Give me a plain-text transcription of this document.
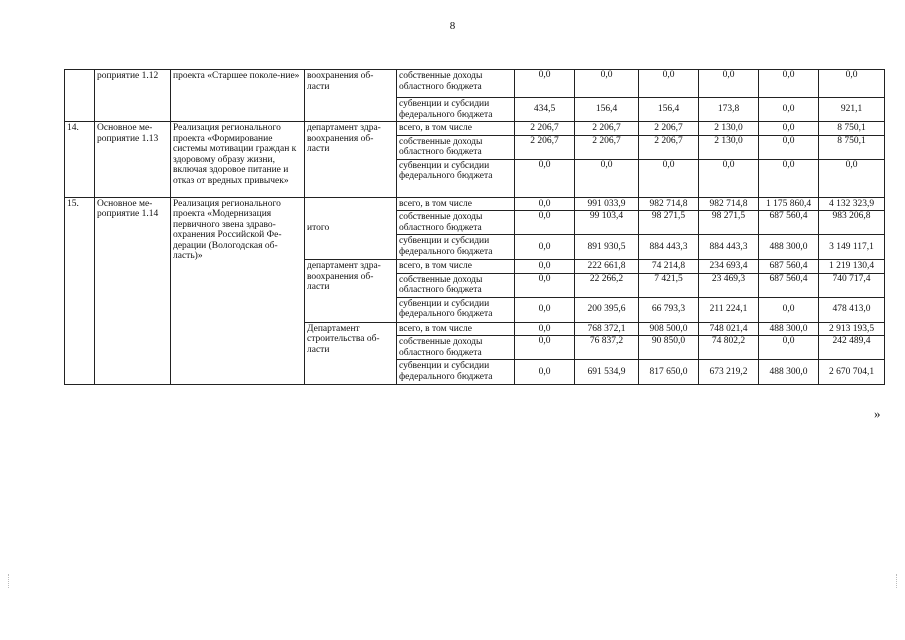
8
	роприятие 1.12	проекта «Старшее поколе-ние»	воохранения об-ласти	собственные доходы областного бюджета	0,0	0,0	0,0	0,0	0,0	0,0
				субвенции и субсидии федерального бюджета	434,5	156,4	156,4	173,8	0,0	921,1
14.	Основное ме-роприятие 1.13	Реализация регионального проекта «Формирование системы мотивации граждан к здоровому образу жизни, включая здоровое питание и отказ от вредных привычек»	департамент здра-воохранения об-ласти	всего, в том числе	2 206,7	2 206,7	2 206,7	2 130,0	0,0	8 750,1
				собственные доходы областного бюджета	2 206,7	2 206,7	2 206,7	2 130,0	0,0	8 750,1
				субвенции и субсидии федерального бюджета	0,0	0,0	0,0	0,0	0,0	0,0
15.	Основное ме-роприятие 1.14	Реализация регионального проекта «Модернизация первичного звена здраво-охранения Российской Фе-дерации (Вологодская об-ласть)»	итого	всего, в том числе	0,0	991 033,9	982 714,8	982 714,8	1 175 860,4	4 132 323,9
				собственные доходы областного бюджета	0,0	99 103,4	98 271,5	98 271,5	687 560,4	983 206,8
				субвенции и субсидии федерального бюджета	0,0	891 930,5	884 443,3	884 443,3	488 300,0	3 149 117,1
			департамент здра-воохранения об-ласти	всего, в том числе	0,0	222 661,8	74 214,8	234 693,4	687 560,4	1 219 130,4
				собственные доходы областного бюджета	0,0	22 266,2	7 421,5	23 469,3	687 560,4	740 717,4
				субвенции и субсидии федерального бюджета	0,0	200 395,6	66 793,3	211 224,1	0,0	478 413,0
			Департамент строительства об-ласти	всего, в том числе	0,0	768 372,1	908 500,0	748 021,4	488 300,0	2 913 193,5
				собственные доходы областного бюджета	0,0	76 837,2	90 850,0	74 802,2	0,0	242 489,4
				субвенции и субсидии федерального бюджета	0,0	691 534,9	817 650,0	673 219,2	488 300,0	2 670 704,1
»
